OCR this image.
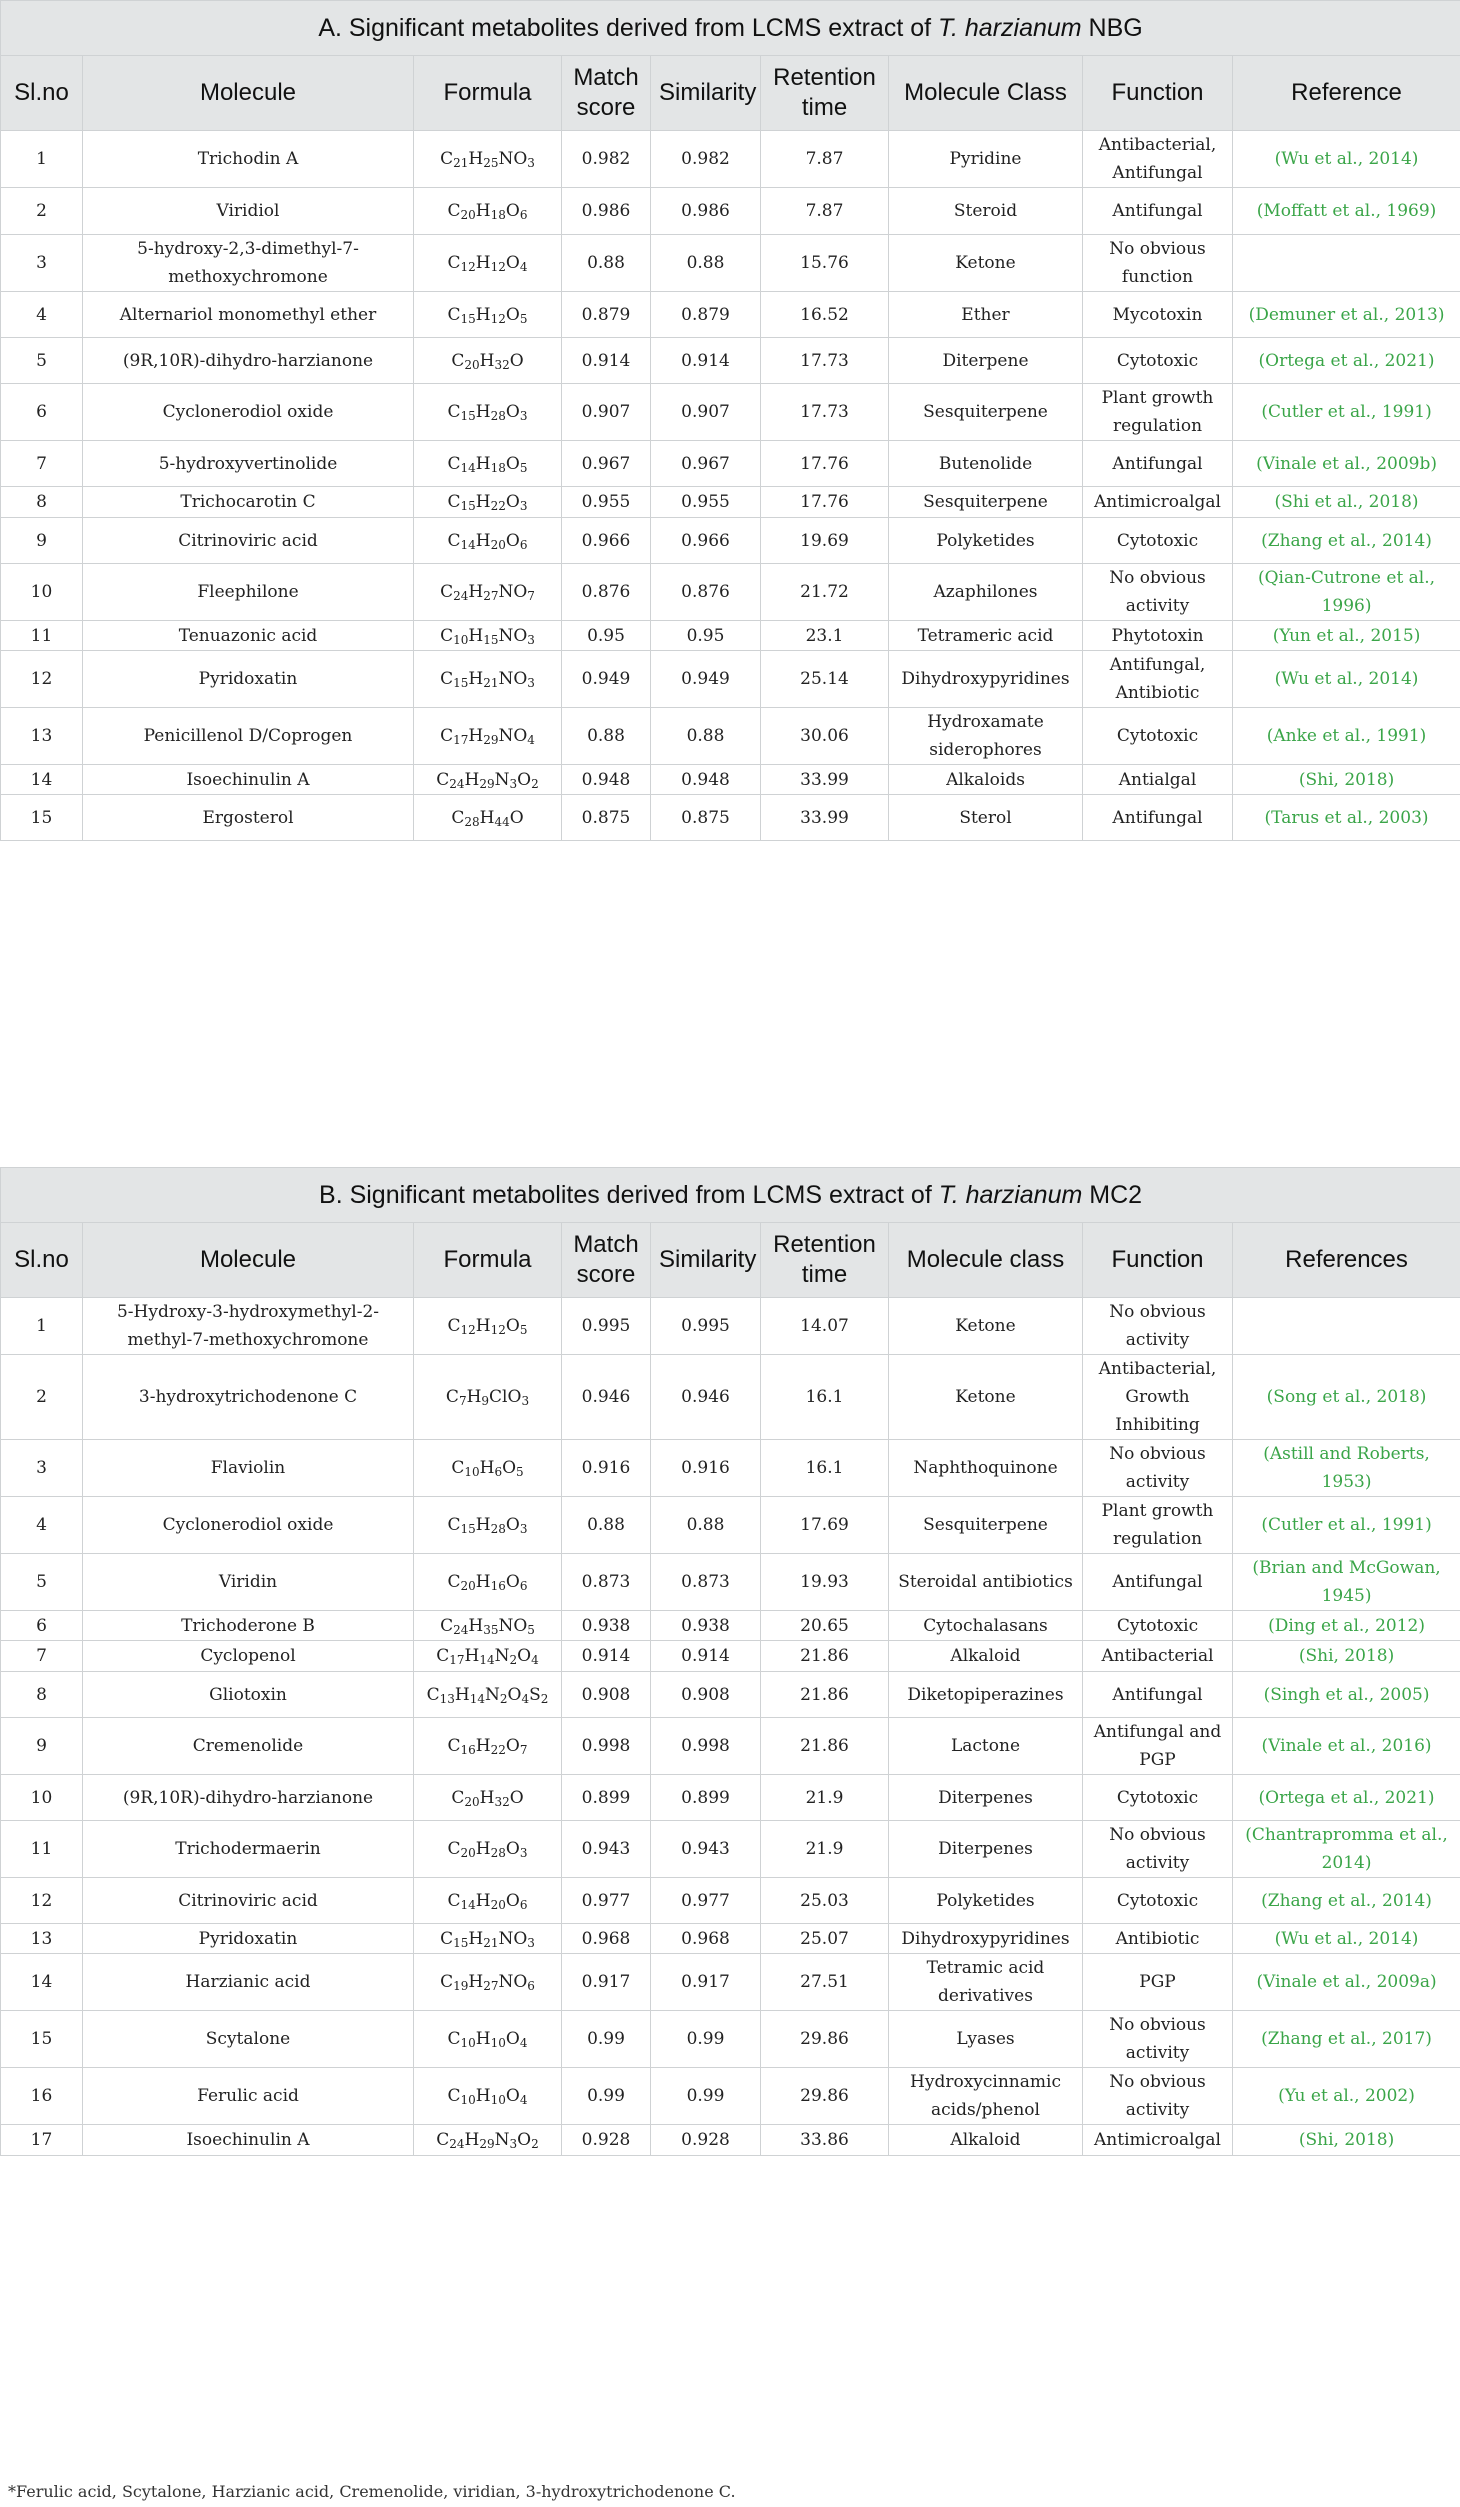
A. Significant metabolites derived from LCMS extract of T. harzianum NBG								
Sl.no	Molecule	Formula	Match score	Similarity	Retention time	Molecule Class	Function	Reference
1	Trichodin A	$C_{21}H_{25}NO_3$	0.982	0.982	7.87	Pyridine	Antibacterial, Antifungal	(Wu et al., 2014)
2	Viridiol	$C_{20}H_{18}O_6$	0.986	0.986	7.87	Steroid	Antifungal	(Moffatt et al., 1969)
3	5-hydroxy-2,3-dimethyl-7-methoxychromone	$C_{12}H_{12}O_4$	0.88	0.88	15.76	Ketone	No obvious function	
4	Alternariol monomethyl ether	$C_{15}H_{12}O_5$	0.879	0.879	16.52	Ether	Mycotoxin	(Demuner et al., 2013)
5	(9R,10R)-dihydro-harzianone	$C_{20}H_{32}O$	0.914	0.914	17.73	Diterpene	Cytotoxic	(Ortega et al., 2021)
6	Cyclonerodiol oxide	$C_{15}H_{28}O_3$	0.907	0.907	17.73	Sesquiterpene	Plant growth regulation	(Cutler et al., 1991)
7	5-hydroxyvertinolide	$C_{14}H_{18}O_5$	0.967	0.967	17.76	Butenolide	Antifungal	(Vinale et al., 2009b)
8	Trichocarotin C	$C_{15}H_{22}O_3$	0.955	0.955	17.76	Sesquiterpene	Antimicroalgal	(Shi et al., 2018)
9	Citrinoviric acid	$C_{14}H_{20}O_6$	0.966	0.966	19.69	Polyketides	Cytotoxic	(Zhang et al., 2014)
10	Fleephilone	$C_{24}H_{27}NO_7$	0.876	0.876	21.72	Azaphilones	No obvious activity	(Qian-Cutrone et al., 1996)
11	Tenuazonic acid	$C_{10}H_{15}NO_3$	0.95	0.95	23.1	Tetrameric acid	Phytotoxin	(Yun et al., 2015)
12	Pyridoxatin	$C_{15}H_{21}NO_3$	0.949	0.949	25.14	Dihydroxypyridines	Antifungal, Antibiotic	(Wu et al., 2014)
13	Penicillenol D/Coprogen	$C_{17}H_{29}NO_4$	0.88	0.88	30.06	Hydroxamate siderophores	Cytotoxic	(Anke et al., 1991)
14	Isoechinulin A	$C_{24}H_{29}N_3O_2$	0.948	0.948	33.99	Alkaloids	Antialgal	(Shi, 2018)
15	Ergosterol	$C_{28}H_{44}O$	0.875	0.875	33.99	Sterol	Antifungal	(Tarus et al., 2003)
B. Significant metabolites derived from LCMS extract of T. harzianum MC2								
Sl.no	Molecule	Formula	Match score	Similarity	Retention time	Molecule class	Function	References
1	5-Hydroxy-3-hydroxymethyl-2-methyl-7-methoxychromone	$C_{12}H_{12}O_5$	0.995	0.995	14.07	Ketone	No obvious activity	
2	3-hydroxytrichodenone C	$C_7H_9ClO_3$	0.946	0.946	16.1	Ketone	Antibacterial, Growth Inhibiting	(Song et al., 2018)
3	Flaviolin	$C_{10}H_6O_5$	0.916	0.916	16.1	Naphthoquinone	No obvious activity	(Astill and Roberts, 1953)
4	Cyclonerodiol oxide	$C_{15}H_{28}O_3$	0.88	0.88	17.69	Sesquiterpene	Plant growth regulation	(Cutler et al., 1991)
5	Viridin	$C_{20}H_{16}O_6$	0.873	0.873	19.93	Steroidal antibiotics	Antifungal	(Brian and McGowan, 1945)
6	Trichoderone B	$C_{24}H_{35}NO_5$	0.938	0.938	20.65	Cytochalasans	Cytotoxic	(Ding et al., 2012)
7	Cyclopenol	$C_{17}H_{14}N_2O_4$	0.914	0.914	21.86	Alkaloid	Antibacterial	(Shi, 2018)
8	Gliotoxin	$C_{13}H_{14}N_2O_4S_2$	0.908	0.908	21.86	Diketopiperazines	Antifungal	(Singh et al., 2005)
9	Cremenolide	$C_{16}H_{22}O_7$	0.998	0.998	21.86	Lactone	Antifungal and PGP	(Vinale et al., 2016)
10	(9R,10R)-dihydro-harzianone	$C_{20}H_{32}O$	0.899	0.899	21.9	Diterpenes	Cytotoxic	(Ortega et al., 2021)
11	Trichodermaerin	$C_{20}H_{28}O_3$	0.943	0.943	21.9	Diterpenes	No obvious activity	(Chantrapromma et al., 2014)
12	Citrinoviric acid	$C_{14}H_{20}O_6$	0.977	0.977	25.03	Polyketides	Cytotoxic	(Zhang et al., 2014)
13	Pyridoxatin	$C_{15}H_{21}NO_3$	0.968	0.968	25.07	Dihydroxypyridines	Antibiotic	(Wu et al., 2014)
14	Harzianic acid	$C_{19}H_{27}NO_6$	0.917	0.917	27.51	Tetramic acid derivatives	PGP	(Vinale et al., 2009a)
15	Scytalone	$C_{10}H_{10}O_4$	0.99	0.99	29.86	Lyases	No obvious activity	(Zhang et al., 2017)
16	Ferulic acid	$C_{10}H_{10}O_4$	0.99	0.99	29.86	Hydroxycinnamic acids/phenol	No obvious activity	(Yu et al., 2002)
17	Isoechinulin A	$C_{24}H_{29}N_3O_2$	0.928	0.928	33.86	Alkaloid	Antimicroalgal	(Shi, 2018)
*Ferulic acid, Scytalone, Harzianic acid, Cremenolide, viridian, 3-hydroxytrichodenone C.
